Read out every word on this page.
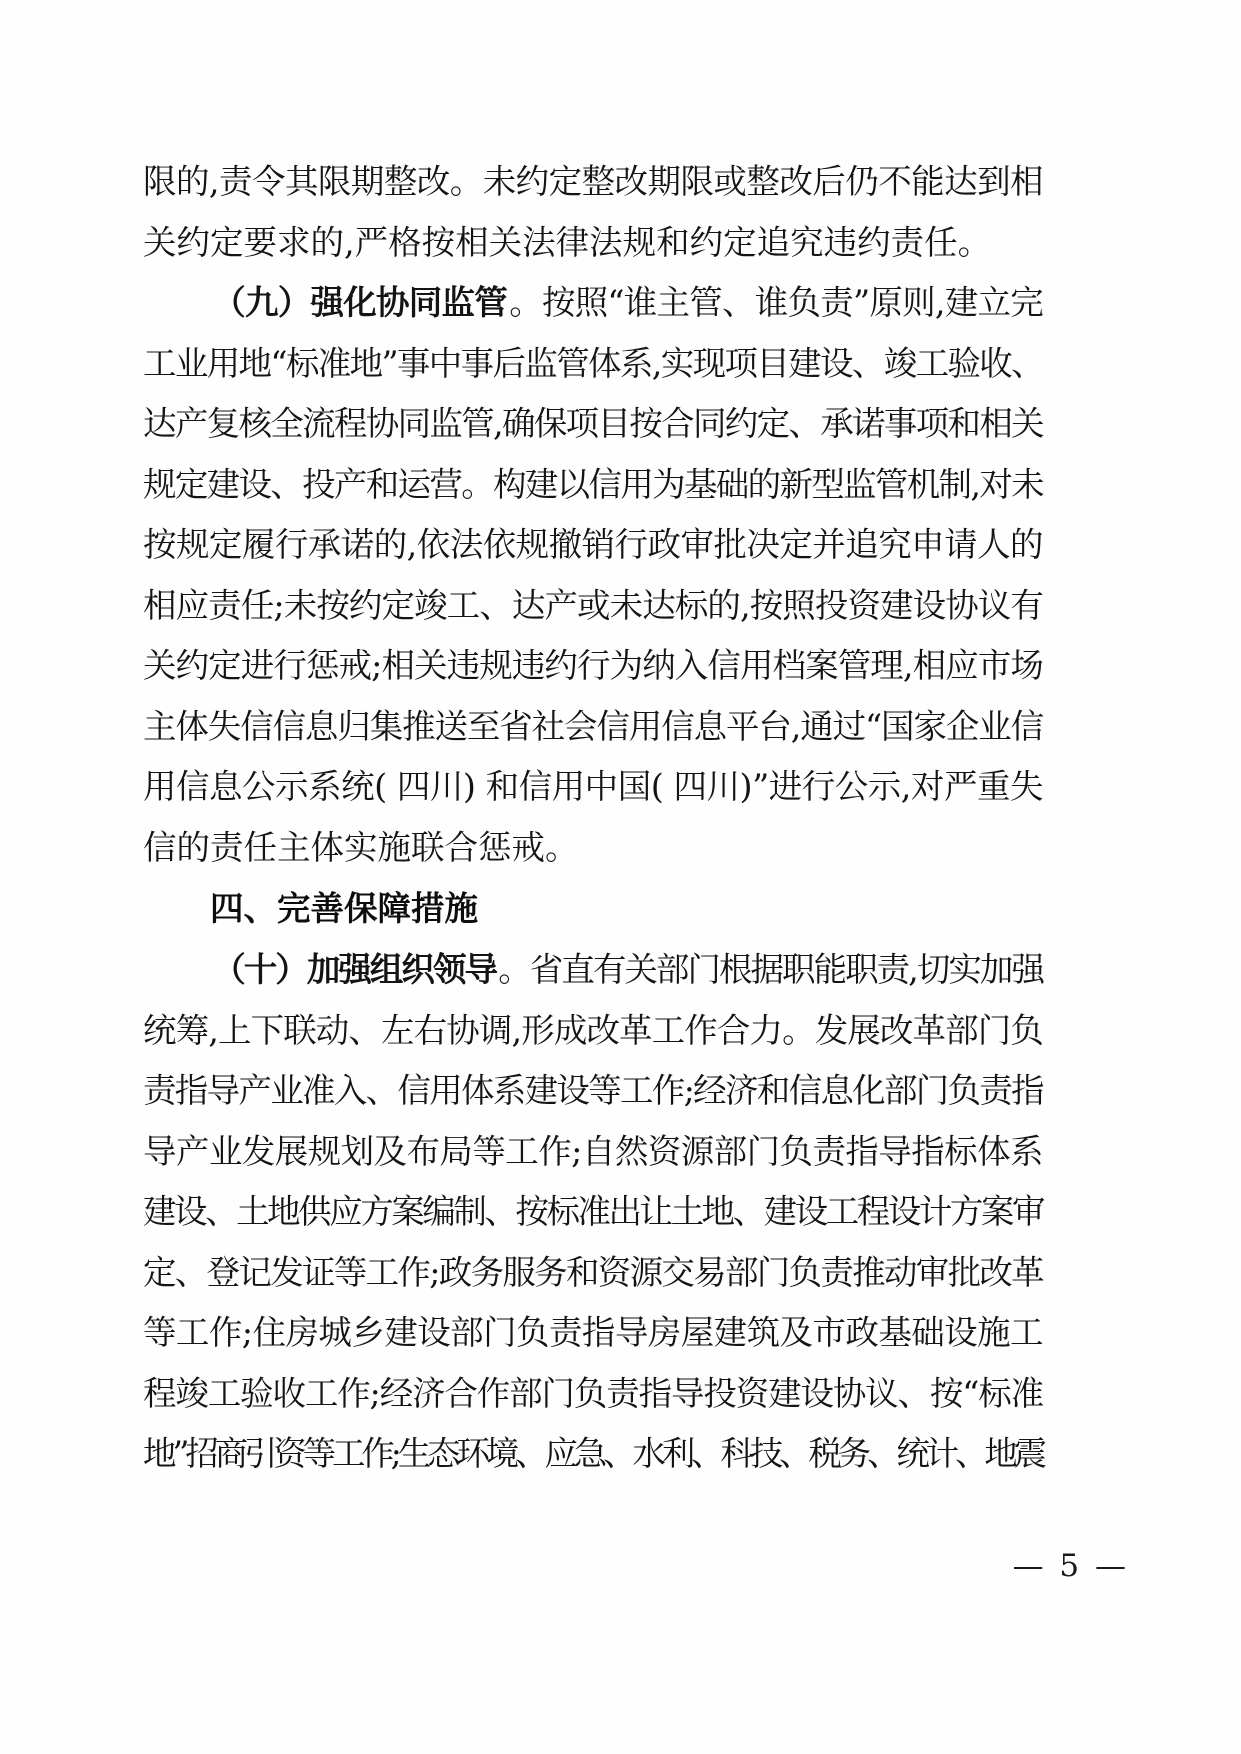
限的,责令其限期整改。未约定整改期限或整改后仍不能达到相
关约定要求的,严格按相关法律法规和约定追究违约责任。
（九）强化协同监管 。按照“谁主管、谁负责”原则,建立完
工业用地“标准地”事中事后监管体系,实现项目建设、竣工验收、
达产复核全流程协同监管,确保项目按合同约定、承诺事项和相关
规定建设、投产和运营。构建以信用为基础的新型监管机制,对未
按规定履行承诺的,依法依规撤销行政审批决定并追究申请人的
相应责任;未按约定竣工、达产或未达标的,按照投资建设协议有
关约定进行惩戒;相关违规违约行为纳入信用档案管理,相应市场
主体失信信息归集推送至省社会信用信息平台,通过“国家企业信
用信息公示系统( 四川) 和信用中国( 四川)”进行公示,对严重失
信的责任主体实施联合惩戒。
四、完善保障措施
（十）加强组织领导 。省直有关部门根据职能职责,切实加强
统筹,上下联动、左右协调,形成改革工作合力。发展改革部门负
责指导产业准入、信用体系建设等工作;经济和信息化部门负责指
导产业发展规划及布局等工作;自然资源部门负责指导指标体系
建设、土地供应方案编制、按标准出让土地、建设工程设计方案审
定、登记发证等工作;政务服务和资源交易部门负责推动审批改革
等工作;住房城乡建设部门负责指导房屋建筑及市政基础设施工
程竣工验收工作;经济合作部门负责指导投资建设协议、按“标准
地”招商引资等工作;生态环境、应急、水利、科技、税务、统计、地震
— 5 —
